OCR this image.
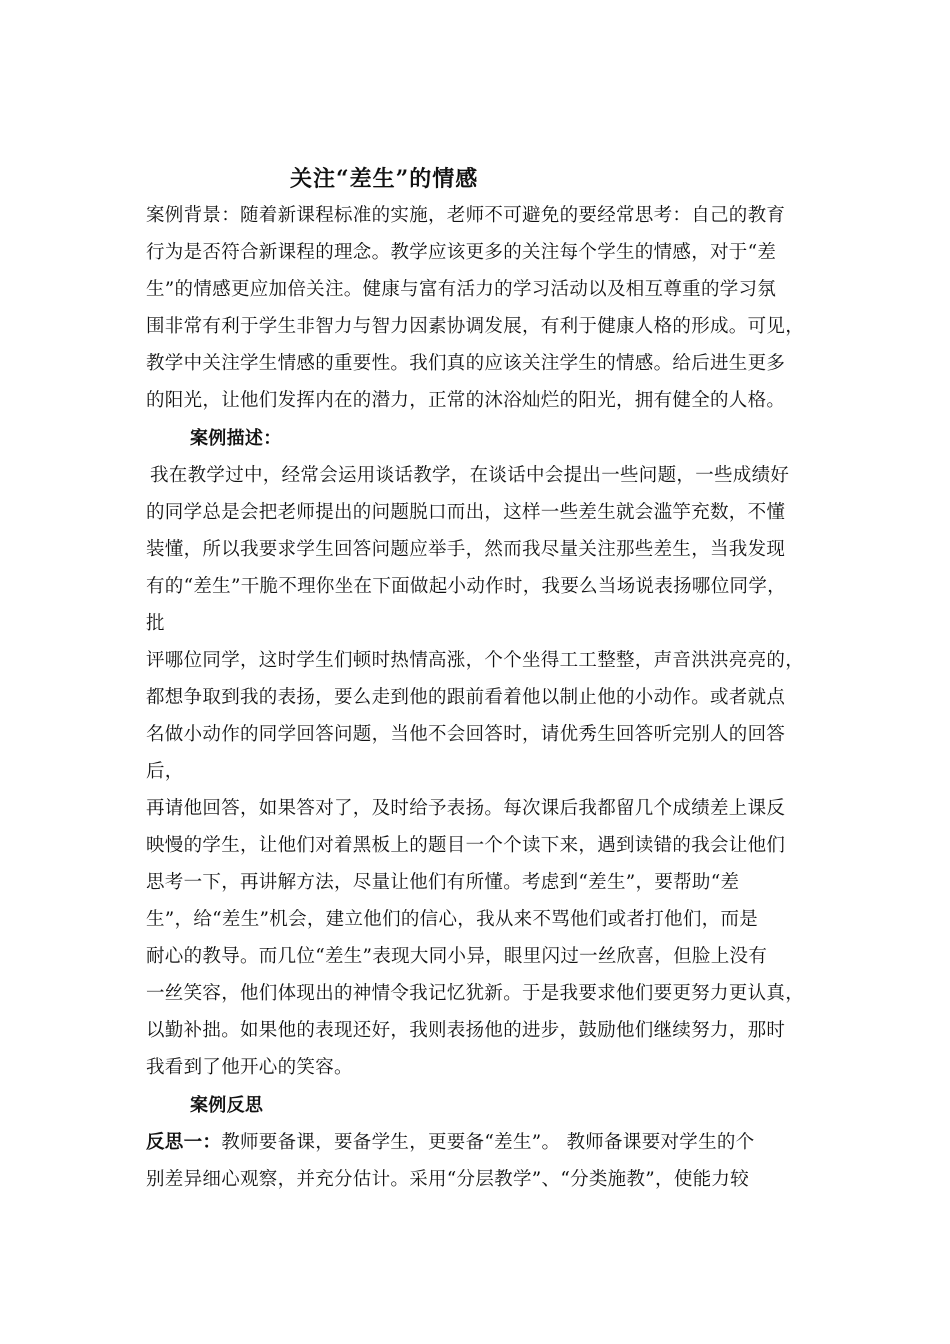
关注“差生”的情感
案例背景：随着新课程标准的实施，老师不可避免的要经常思考：自己的教育
行为是否符合新课程的理念。教学应该更多的关注每个学生的情感，对于“差
生”的情感更应加倍关注。健康与富有活力的学习活动以及相互尊重的学习氛
围非常有利于学生非智力与智力因素协调发展，有利于健康人格的形成。可见，
教学中关注学生情感的重要性。我们真的应该关注学生的情感。给后进生更多
的阳光，让他们发挥内在的潜力，正常的沐浴灿烂的阳光，拥有健全的人格。
案例描述：
我在教学过中，经常会运用谈话教学，在谈话中会提出一些问题，一些成绩好
的同学总是会把老师提出的问题脱口而出，这样一些差生就会滥竽充数，不懂
装懂，所以我要求学生回答问题应举手，然而我尽量关注那些差生，当我发现
有的“差生”干脆不理你坐在下面做起小动作时，我要么当场说表扬哪位同学，
批
评哪位同学，这时学生们顿时热情高涨，个个坐得工工整整，声音洪洪亮亮的，
都想争取到我的表扬，要么走到他的跟前看着他以制止他的小动作。或者就点
名做小动作的同学回答问题，当他不会回答时，请优秀生回答听完别人的回答
后，
再请他回答，如果答对了，及时给予表扬。每次课后我都留几个成绩差上课反
映慢的学生，让他们对着黑板上的题目一个个读下来，遇到读错的我会让他们
思考一下，再讲解方法，尽量让他们有所懂。考虑到“差生”，要帮助“差
生”，给“差生”机会，建立他们的信心，我从来不骂他们或者打他们，而是
耐心的教导。而几位“差生”表现大同小异，眼里闪过一丝欣喜，但脸上没有
一丝笑容，他们体现出的神情令我记忆犹新。于是我要求他们要更努力更认真，
以勤补拙。如果他的表现还好，我则表扬他的进步，鼓励他们继续努力，那时
我看到了他开心的笑容。
案例反思
反思一：教师要备课，要备学生，更要备“差生”。 教师备课要对学生的个
别差异细心观察，并充分估计。采用“分层教学”、“分类施教”，使能力较
